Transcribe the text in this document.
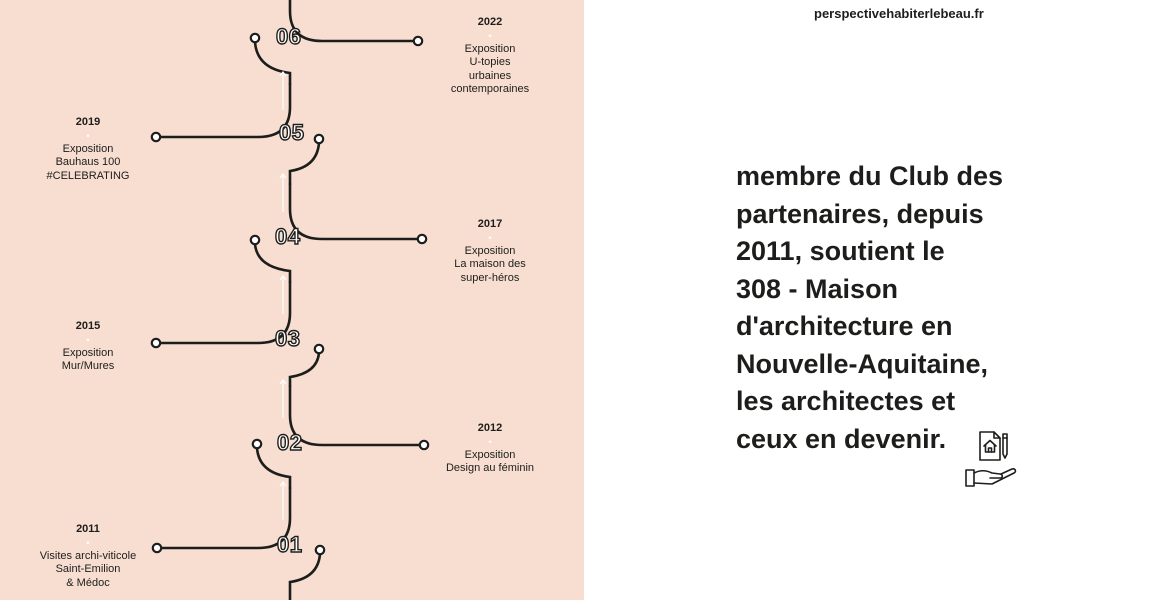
06
05
04
03
02
01
2022
•
Exposition
U-topies
urbaines
contemporaines
2019
•
Exposition
Bauhaus 100
#CELEBRATING
2017
•
Exposition
La maison des
super-héros
2015
•
Exposition
Mur/Mures
2012
•
Exposition
Design au féminin
2011
•
Visites archi-viticole
Saint-Emilion
& Médoc
perspectivehabiterlebeau.fr
membre du Club des
partenaires, depuis
2011, soutient le
308 - Maison
d'architecture en
Nouvelle-Aquitaine,
les architectes et
ceux en devenir.
